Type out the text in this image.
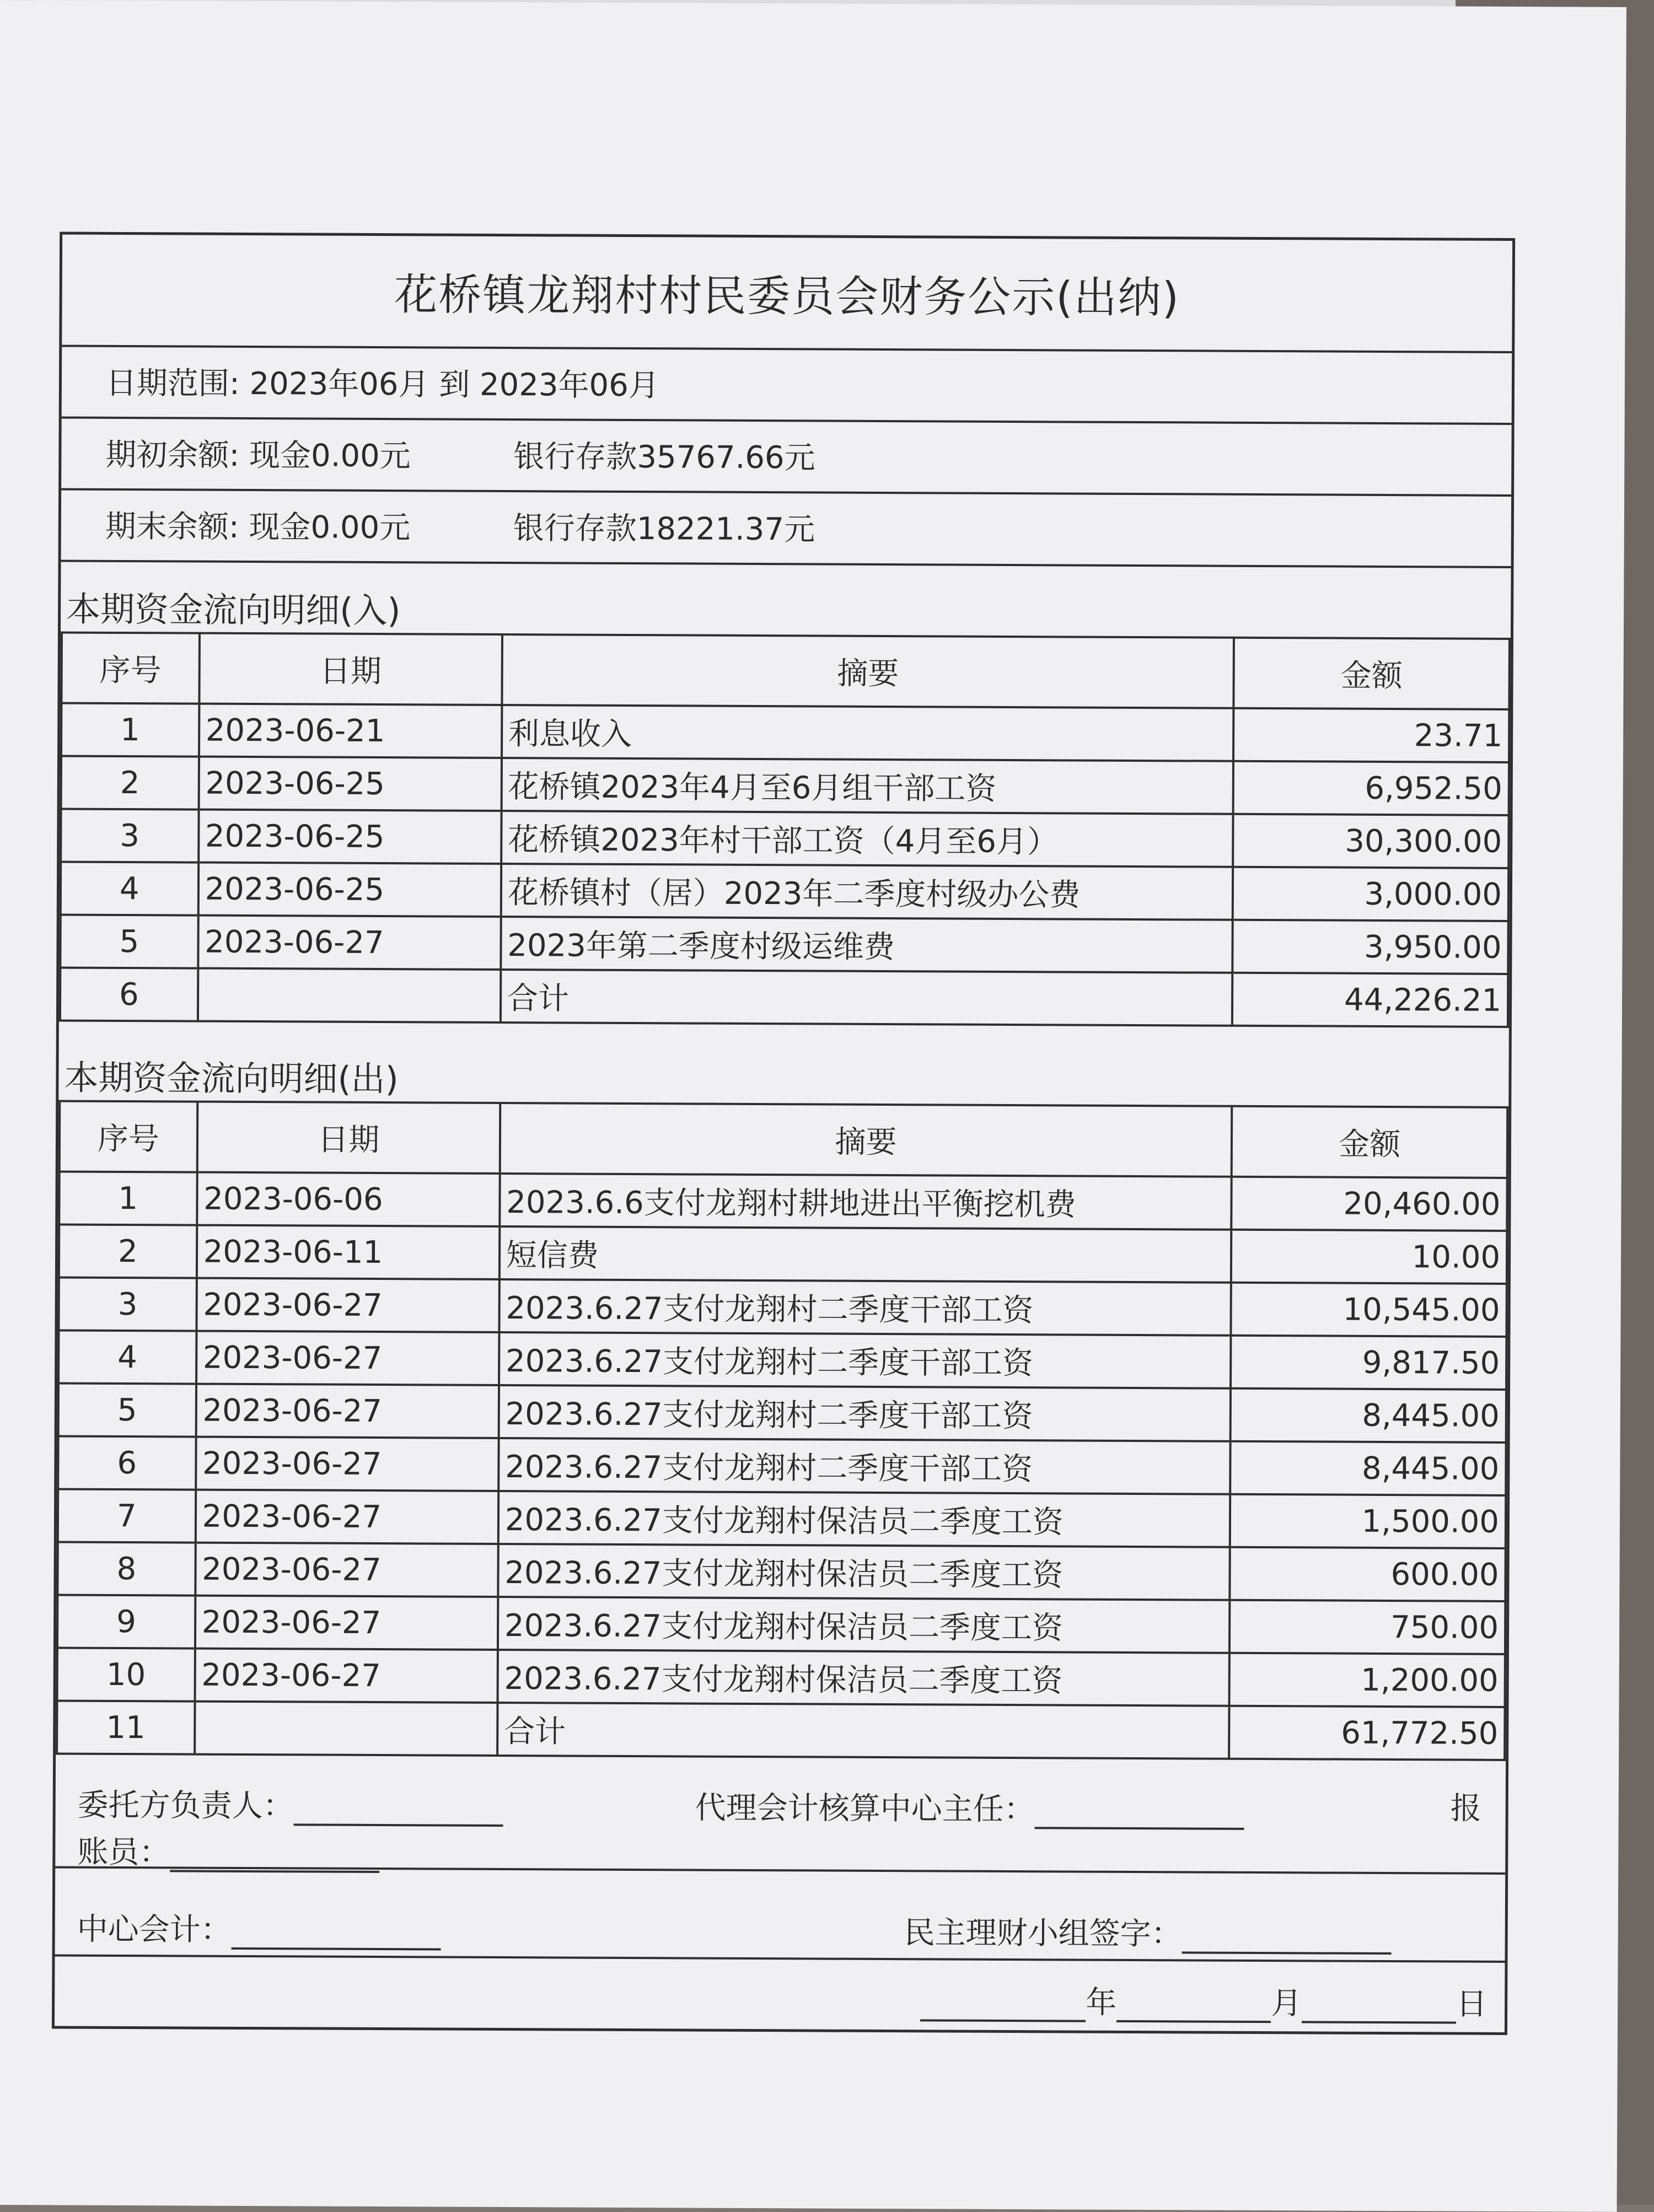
花桥镇龙翔村村民委员会财务公示(出纳)
日期范围: 2023年06月 到 2023年06月
期初余额: 现金0.00元	银行存款35767.66元
期末余额: 现金0.00元	银行存款18221.37元
本期资金流向明细(入)
序号	日期	摘要	金额
1	2023-06-21	利息收入	23.71
2	2023-06-25	花桥镇2023年4月至6月组干部工资	6,952.50
3	2023-06-25	花桥镇2023年村干部工资（4月至6月）	30,300.00
4	2023-06-25	花桥镇村（居）2023年二季度村级办公费	3,000.00
5	2023-06-27	2023年第二季度村级运维费	3,950.00
6		合计	44,226.21
本期资金流向明细(出)
序号	日期	摘要	金额
1	2023-06-06	2023.6.6支付龙翔村耕地进出平衡挖机费	20,460.00
2	2023-06-11	短信费	10.00
3	2023-06-27	2023.6.27支付龙翔村二季度干部工资	10,545.00
4	2023-06-27	2023.6.27支付龙翔村二季度干部工资	9,817.50
5	2023-06-27	2023.6.27支付龙翔村二季度干部工资	8,445.00
6	2023-06-27	2023.6.27支付龙翔村二季度干部工资	8,445.00
7	2023-06-27	2023.6.27支付龙翔村保洁员二季度工资	1,500.00
8	2023-06-27	2023.6.27支付龙翔村保洁员二季度工资	600.00
9	2023-06-27	2023.6.27支付龙翔村保洁员二季度工资	750.00
10	2023-06-27	2023.6.27支付龙翔村保洁员二季度工资	1,200.00
11		合计	61,772.50
委托方负责人：	代理会计核算中心主任：	报
账员：
中心会计：	民主理财小组签字：
年	月	日
